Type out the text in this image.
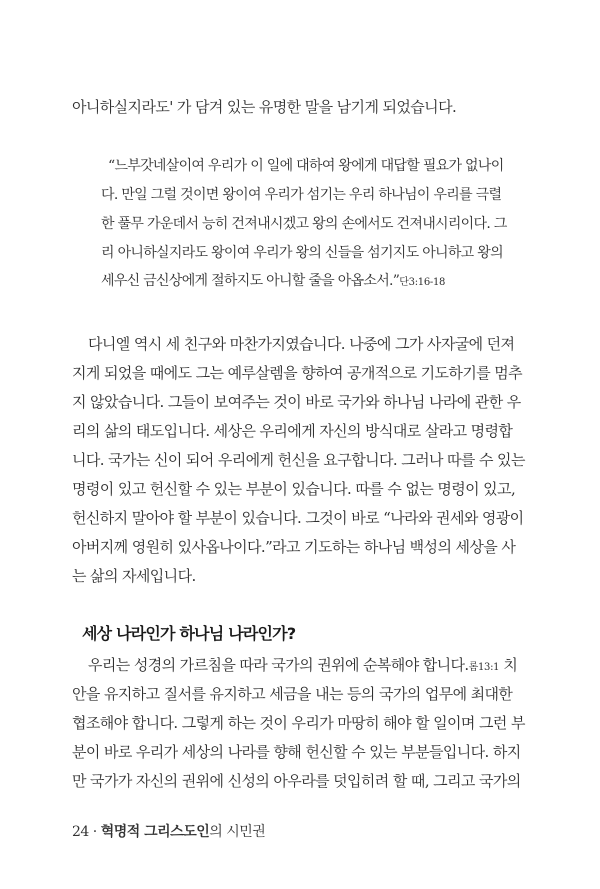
아니하실지라도' 가 담겨 있는 유명한 말을 남기게 되었습니다.
“느부갓네살이여 우리가 이 일에 대하여 왕에게 대답할 필요가 없나이
다. 만일 그럴 것이면 왕이여 우리가 섬기는 우리 하나님이 우리를 극렬
한 풀무 가운데서 능히 건져내시겠고 왕의 손에서도 건져내시리이다. 그
리 아니하실지라도 왕이여 우리가 왕의 신들을 섬기지도 아니하고 왕의
세우신 금신상에게 절하지도 아니할 줄을 아옵소서.”단3:16-18
다니엘 역시 세 친구와 마찬가지였습니다. 나중에 그가 사자굴에 던져
지게 되었을 때에도 그는 예루살렘을 향하여 공개적으로 기도하기를 멈추
지 않았습니다. 그들이 보여주는 것이 바로 국가와 하나님 나라에 관한 우
리의 삶의 태도입니다. 세상은 우리에게 자신의 방식대로 살라고 명령합
니다. 국가는 신이 되어 우리에게 헌신을 요구합니다. 그러나 따를 수 있는
명령이 있고 헌신할 수 있는 부분이 있습니다. 따를 수 없는 명령이 있고,
헌신하지 말아야 할 부분이 있습니다. 그것이 바로 “나라와 권세와 영광이
아버지께 영원히 있사옵나이다.”라고 기도하는 하나님 백성의 세상을 사
는 삶의 자세입니다.
세상 나라인가 하나님 나라인가?
우리는 성경의 가르침을 따라 국가의 권위에 순복해야 합니다.롬13:1 치
안을 유지하고 질서를 유지하고 세금을 내는 등의 국가의 업무에 최대한
협조해야 합니다. 그렇게 하는 것이 우리가 마땅히 해야 할 일이며 그런 부
분이 바로 우리가 세상의 나라를 향해 헌신할 수 있는 부분들입니다. 하지
만 국가가 자신의 권위에 신성의 아우라를 덧입히려 할 때, 그리고 국가의
24 · 혁명적 그리스도인의 시민권
